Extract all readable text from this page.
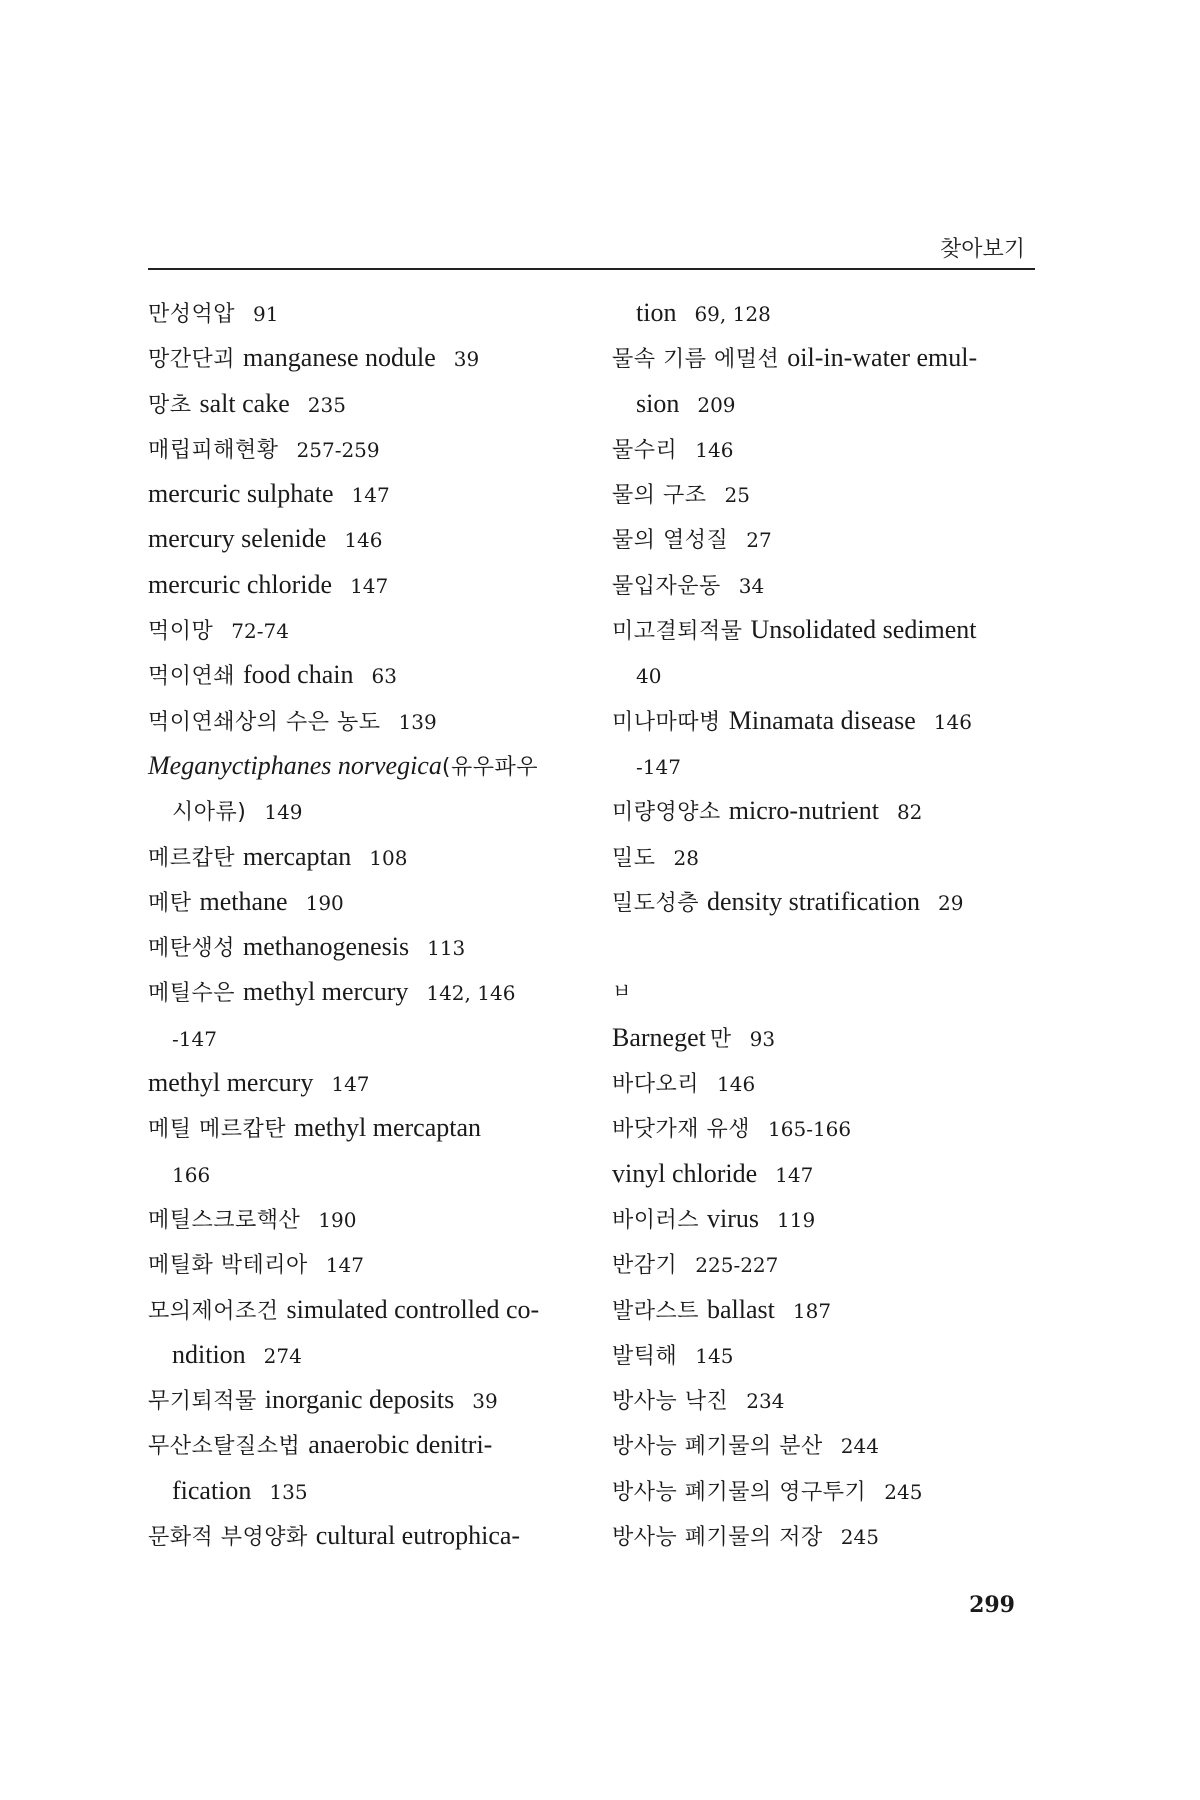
찾아보기
만성억압 91
망간단괴 manganese nodule 39
망초 salt cake 235
매립피해현황 257-259
mercuric sulphate 147
mercury selenide 146
mercuric chloride 147
먹이망 72-74
먹이연쇄 food chain 63
먹이연쇄상의 수은 농도 139
Meganyctiphanes norvegica(유우파우
시아류) 149
메르캅탄 mercaptan 108
메탄 methane 190
메탄생성 methanogenesis 113
메틸수은 methyl mercury 142, 146
-147
methyl mercury 147
메틸 메르캅탄 methyl mercaptan
166
메틸스크로핵산 190
메틸화 박테리아 147
모의제어조건 simulated controlled co-
ndition 274
무기퇴적물 inorganic deposits 39
무산소탈질소법 anaerobic denitri-
fication 135
문화적 부영양화 cultural eutrophica-
tion 69, 128
물속 기름 에멀션 oil-in-water emul-
sion 209
물수리 146
물의 구조 25
물의 열성질 27
물입자운동 34
미고결퇴적물 Unsolidated sediment
40
미나마따병 Minamata disease 146
-147
미량영양소 micro-nutrient 82
밀도 28
밀도성층 density stratification 29
ㅂ
Barneget 만 93
바다오리 146
바닷가재 유생 165-166
vinyl chloride 147
바이러스 virus 119
반감기 225-227
발라스트 ballast 187
발틱해 145
방사능 낙진 234
방사능 폐기물의 분산 244
방사능 폐기물의 영구투기 245
방사능 폐기물의 저장 245
299
